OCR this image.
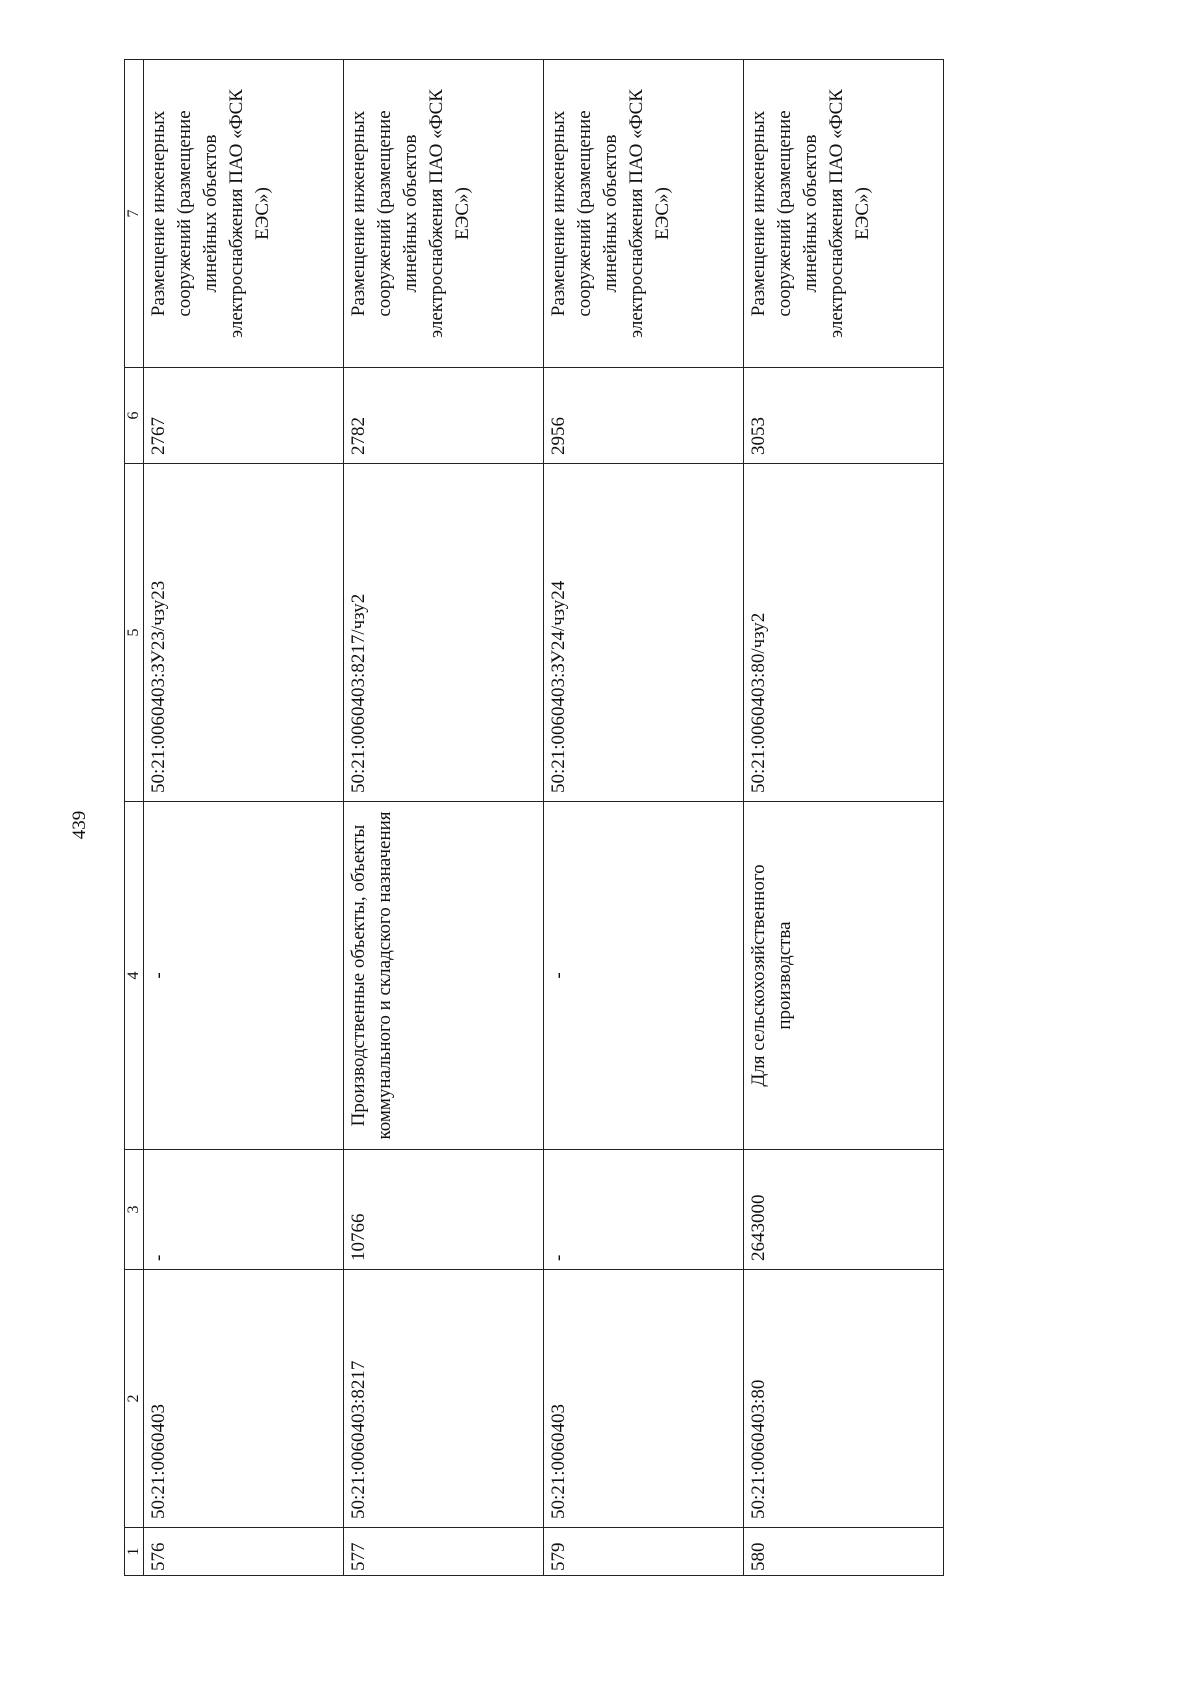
439
1	2	3	4	5	6	7
576	50:21:0060403	-	-	50:21:0060403:ЗУ23/чзу23	2767	Размещение инженерных сооружений (размещение линейных объектов электроснабжения ПАО «ФСК ЕЭС»)
577	50:21:0060403:8217	10766	Производственные объекты, объекты коммунального и складского назначения	50:21:0060403:8217/чзу2	2782	Размещение инженерных сооружений (размещение линейных объектов электроснабжения ПАО «ФСК ЕЭС»)
579	50:21:0060403	-	-	50:21:0060403:ЗУ24/чзу24	2956	Размещение инженерных сооружений (размещение линейных объектов электроснабжения ПАО «ФСК ЕЭС»)
580	50:21:0060403:80	2643000	Для сельскохозяйственного производства	50:21:0060403:80/чзу2	3053	Размещение инженерных сооружений (размещение линейных объектов электроснабжения ПАО «ФСК ЕЭС»)
